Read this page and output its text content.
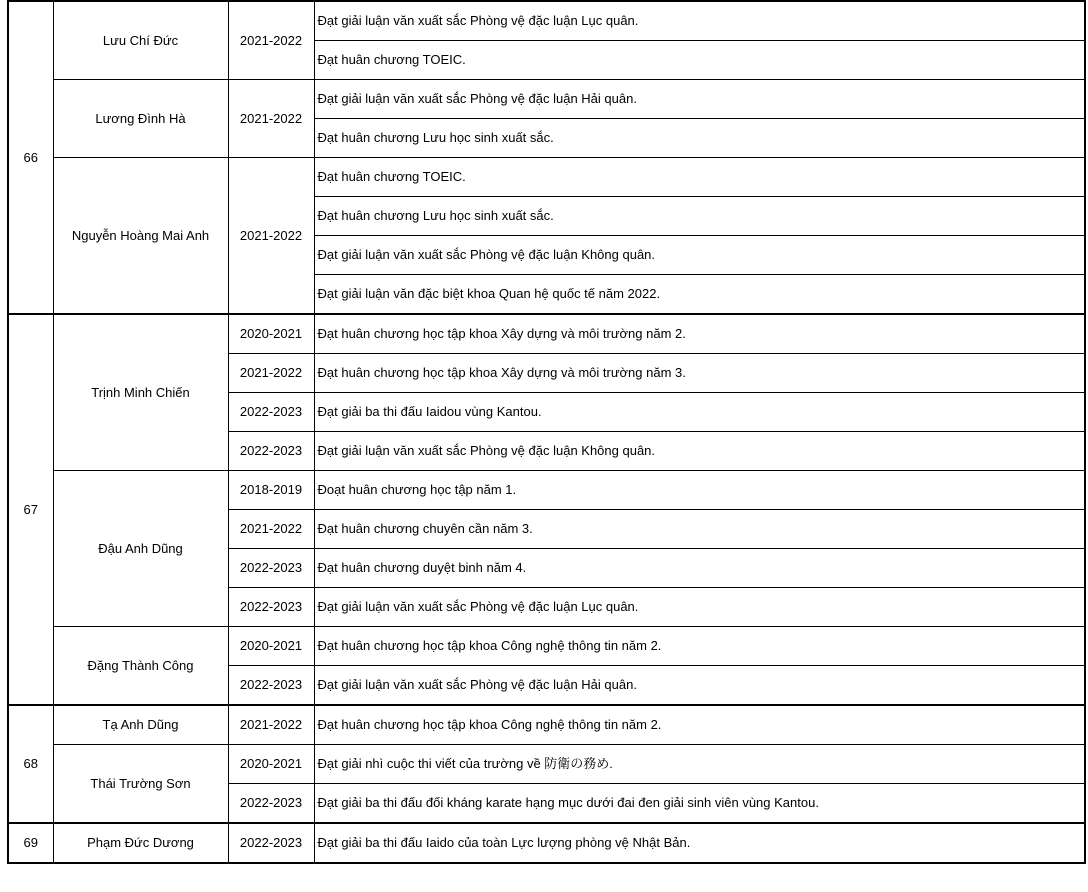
66	Lưu Chí Đức	2021-2022	Đạt giải luận văn xuất sắc Phòng vệ đặc luận Lục quân.
			Đạt huân chương TOEIC.
	Lương Đình Hà	2021-2022	Đạt giải luận văn xuất sắc Phòng vệ đặc luận Hải quân.
			Đạt huân chương Lưu học sinh xuất sắc.
	Nguyễn Hoàng Mai Anh	2021-2022	Đạt huân chương TOEIC.
			Đạt huân chương Lưu học sinh xuất sắc.
			Đạt giải luận văn xuất sắc Phòng vệ đặc luận Không quân.
			Đạt giải luận văn đặc biệt khoa Quan hệ quốc tế năm 2022.
67	Trịnh Minh Chiến	2020-2021	Đạt huân chương học tập khoa Xây dựng và môi trường năm 2.
		2021-2022	Đạt huân chương học tập khoa Xây dựng và môi trường năm 3.
		2022-2023	Đạt giải ba thi đấu Iaidou vùng Kantou.
		2022-2023	Đạt giải luận văn xuất sắc Phòng vệ đặc luận Không quân.
	Đậu Anh Dũng	2018-2019	Đoạt huân chương học tập năm 1.
		2021-2022	Đạt huân chương chuyên cần năm 3.
		2022-2023	Đạt huân chương duyệt binh năm 4.
		2022-2023	Đạt giải luận văn xuất sắc Phòng vệ đặc luận Lục quân.
	Đặng Thành Công	2020-2021	Đạt huân chương học tập khoa Công nghệ thông tin năm 2.
		2022-2023	Đạt giải luận văn xuất sắc Phòng vệ đặc luận Hải quân.
68	Tạ Anh Dũng	2021-2022	Đạt huân chương học tập khoa Công nghệ thông tin năm 2.
	Thái Trường Sơn	2020-2021	Đạt giải nhì cuộc thi viết của trường về 防衛の務め.
		2022-2023	Đạt giải ba thi đấu đối kháng karate hạng mục dưới đai đen giải sinh viên vùng Kantou.
69	Phạm Đức Dương	2022-2023	Đạt giải ba thi đấu Iaido của toàn Lực lượng phòng vệ Nhật Bản.
